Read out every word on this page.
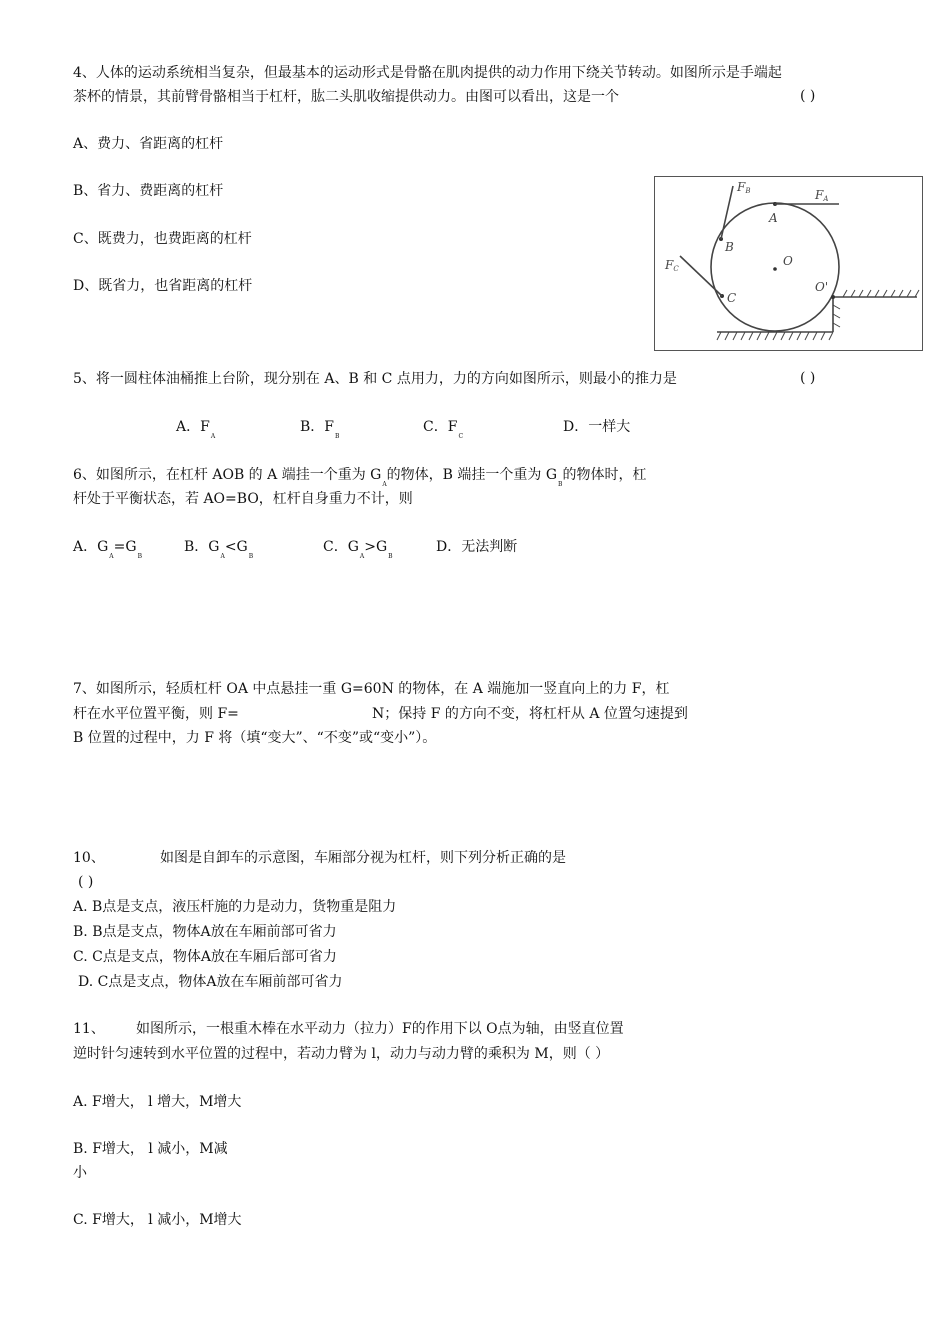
4、人体的运动系统相当复杂，但最基本的运动形式是骨骼在肌肉提供的动力作用下绕关节转动。如图所示是手端起
茶杯的情景，其前臂骨骼相当于杠杆，肱二头肌收缩提供动力。由图可以看出，这是一个	( )
A、费力、省距离的杠杆
B、省力、费距离的杠杆
C、既费力，也费距离的杠杆
D、既省力，也省距离的杠杆
FB	FA
FC
A
B
C
O
O'
5、将一圆柱体油桶推上台阶，现分别在 A、B 和 C 点用力，力的方向如图所示，则最小的推力是	( )
A．$F_A$
B．$F_B$
C．$F_C$
D．一样大
6、如图所示，在杠杆 AOB 的 A 端挂一个重为 $G_A$的物体，B 端挂一个重为 $G_B$的物体时，杠
杆处于平衡状态，若 AO=BO，杠杆自身重力不计，则
A．$G_A=G_B$
B．$G_A<G_B$
C．$G_A>G_B$
D．无法判断
7、如图所示，轻质杠杆 OA 中点悬挂一重 G=60N 的物体，在 A 端施加一竖直向上的力 F，杠
杆在水平位置平衡，则 F=	N；保持 F 的方向不变，将杠杆从 A 位置匀速提到
B 位置的过程中，力 F 将（填“变大”、“不变”或“变小”）。
10、	如图是自卸车的示意图，车厢部分视为杠杆，则下列分析正确的是
( )
A. B点是支点，液压杆施的力是动力，货物重是阻力
B. B点是支点，物体A放在车厢前部可省力
C. C点是支点，物体A放在车厢后部可省力
D. C点是支点，物体A放在车厢前部可省力
11、 如图所示，一根重木棒在水平动力（拉力）F的作用下以 O点为轴，由竖直位置
逆时针匀速转到水平位置的过程中，若动力臂为 l，动力与动力臂的乘积为 M，则（ ）
A. F增大， l 增大，M增大
B. F增大， l 减小，M减
小
C. F增大， l 减小，M增大
